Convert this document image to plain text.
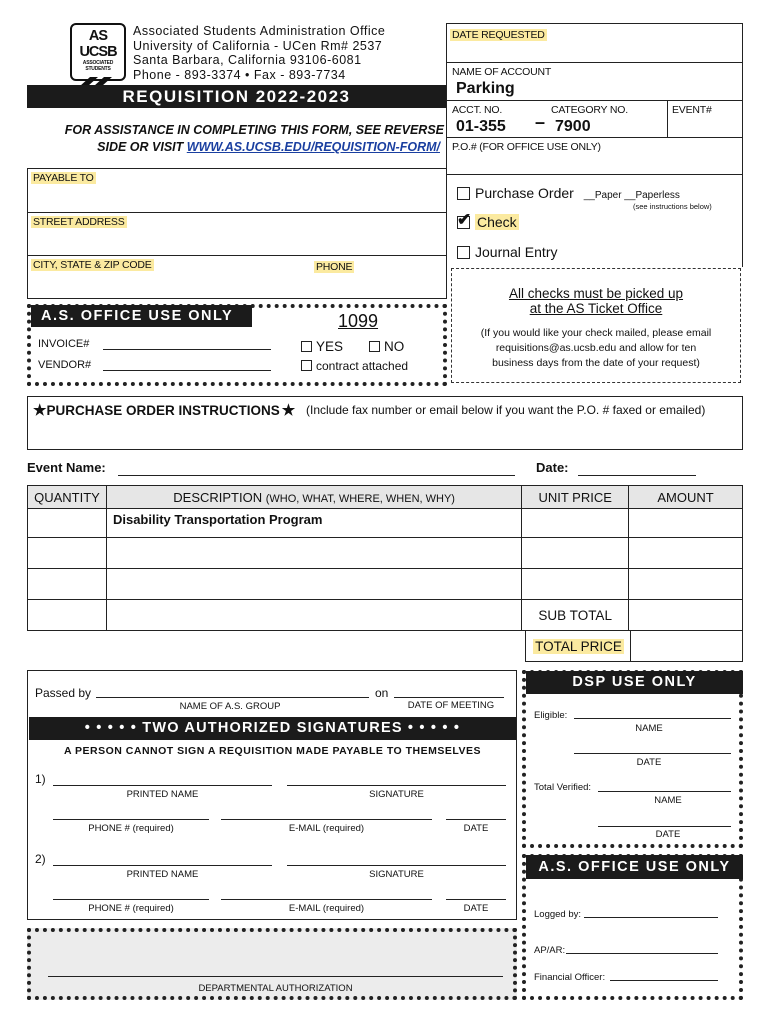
AS UCSB
ASSOCIATED STUDENTS
Associated Students Administration Office
University of California - UCen Rm# 2537
Santa Barbara, California 93106-6081
Phone - 893-3374 • Fax - 893-7734
REQUISITION 2022-2023
FOR ASSISTANCE IN COMPLETING THIS FORM, SEE REVERSE
SIDE OR VISIT WWW.AS.UCSB.EDU/REQUISITION-FORM/
DATE REQUESTED
NAME OF ACCOUNT
Parking
ACCT. NO.	CATEGORY NO.	EVENT#
01-355 – 7900
P.O.# (FOR OFFICE USE ONLY)
PAYABLE TO
STREET ADDRESS
CITY, STATE & ZIP CODE	PHONE
Purchase Order __Paper __Paperless
(see instructions below)
✔ Check
Journal Entry
All checks must be picked up
at the AS Ticket Office
(If you would like your check mailed, please email
requisitions@as.ucsb.edu and allow for ten
business days from the date of your request)
A.S. OFFICE USE ONLY	1099
INVOICE#
VENDOR#
YES	NO
contract attached
★PURCHASE ORDER INSTRUCTIONS ★ (Include fax number or email below if you want the P.O. # faxed or emailed)
Event Name:	Date:
QUANTITY	DESCRIPTION (WHO, WHAT, WHERE, WHEN, WHY)	UNIT PRICE	AMOUNT
	Disability Transportation Program		

		SUB TOTAL	
TOTAL PRICE
Passed by	on
NAME OF A.S. GROUP	DATE OF MEETING
• • • • • TWO AUTHORIZED SIGNATURES • • • • •
A PERSON CANNOT SIGN A REQUISITION MADE PAYABLE TO THEMSELVES
1)
PRINTED NAME	SIGNATURE
PHONE # (required)	E-MAIL (required)	DATE
2)
PRINTED NAME	SIGNATURE
PHONE # (required)	E-MAIL (required)	DATE
DEPARTMENTAL AUTHORIZATION
DSP USE ONLY
Eligible:
NAME
DATE
Total Verified:
NAME
DATE
A.S. OFFICE USE ONLY
Logged by:
AP/AR:
Financial Officer:
